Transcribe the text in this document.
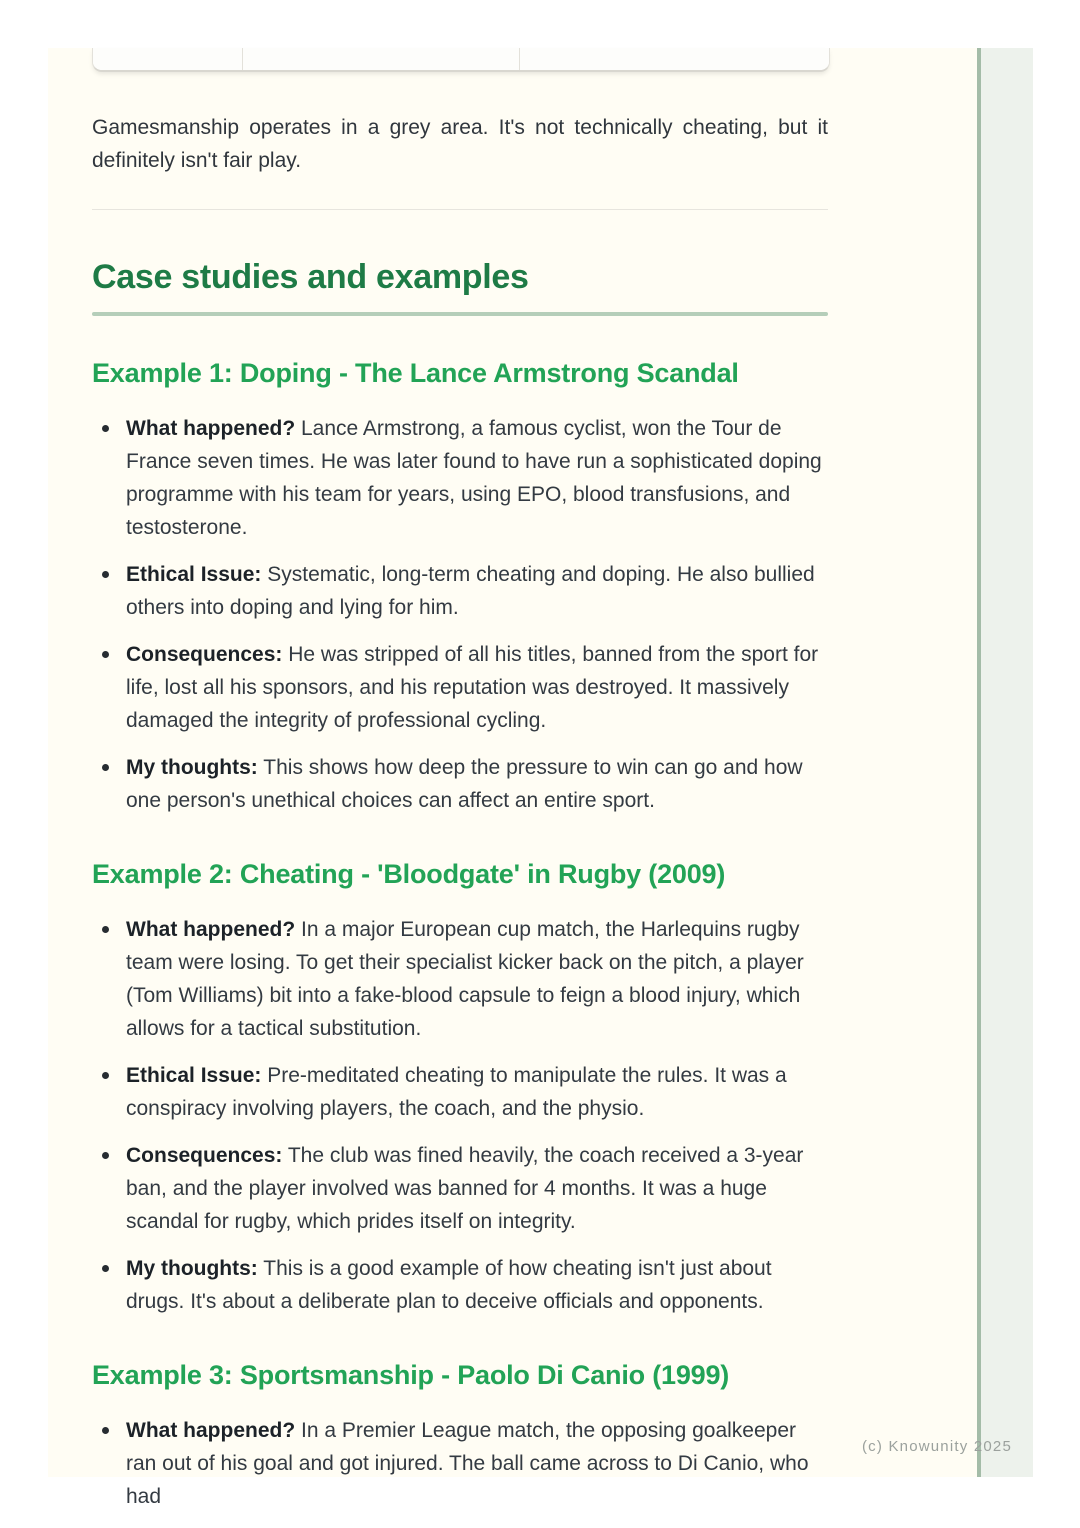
Gamesmanship operates in a grey area. It's not technically cheating, but it definitely isn't fair play.

Case studies and examples
Example 1: Doping - The Lance Armstrong Scandal
What happened? Lance Armstrong, a famous cyclist, won the Tour de France seven times. He was later found to have run a sophisticated doping programme with his team for years, using EPO, blood transfusions, and testosterone.
Ethical Issue: Systematic, long-term cheating and doping. He also bullied others into doping and lying for him.
Consequences: He was stripped of all his titles, banned from the sport for life, lost all his sponsors, and his reputation was destroyed. It massively damaged the integrity of professional cycling.
My thoughts: This shows how deep the pressure to win can go and how one person's unethical choices can affect an entire sport.
Example 2: Cheating - 'Bloodgate' in Rugby (2009)
What happened? In a major European cup match, the Harlequins rugby team were losing. To get their specialist kicker back on the pitch, a player (Tom Williams) bit into a fake-blood capsule to feign a blood injury, which allows for a tactical substitution.
Ethical Issue: Pre-meditated cheating to manipulate the rules. It was a conspiracy involving players, the coach, and the physio.
Consequences: The club was fined heavily, the coach received a 3-year ban, and the player involved was banned for 4 months. It was a huge scandal for rugby, which prides itself on integrity.
My thoughts: This is a good example of how cheating isn't just about drugs. It's about a deliberate plan to deceive officials and opponents.
Example 3: Sportsmanship - Paolo Di Canio (1999)
What happened? In a Premier League match, the opposing goalkeeper ran out of his goal and got injured. The ball came across to Di Canio, who had
(c) Knowunity 2025
